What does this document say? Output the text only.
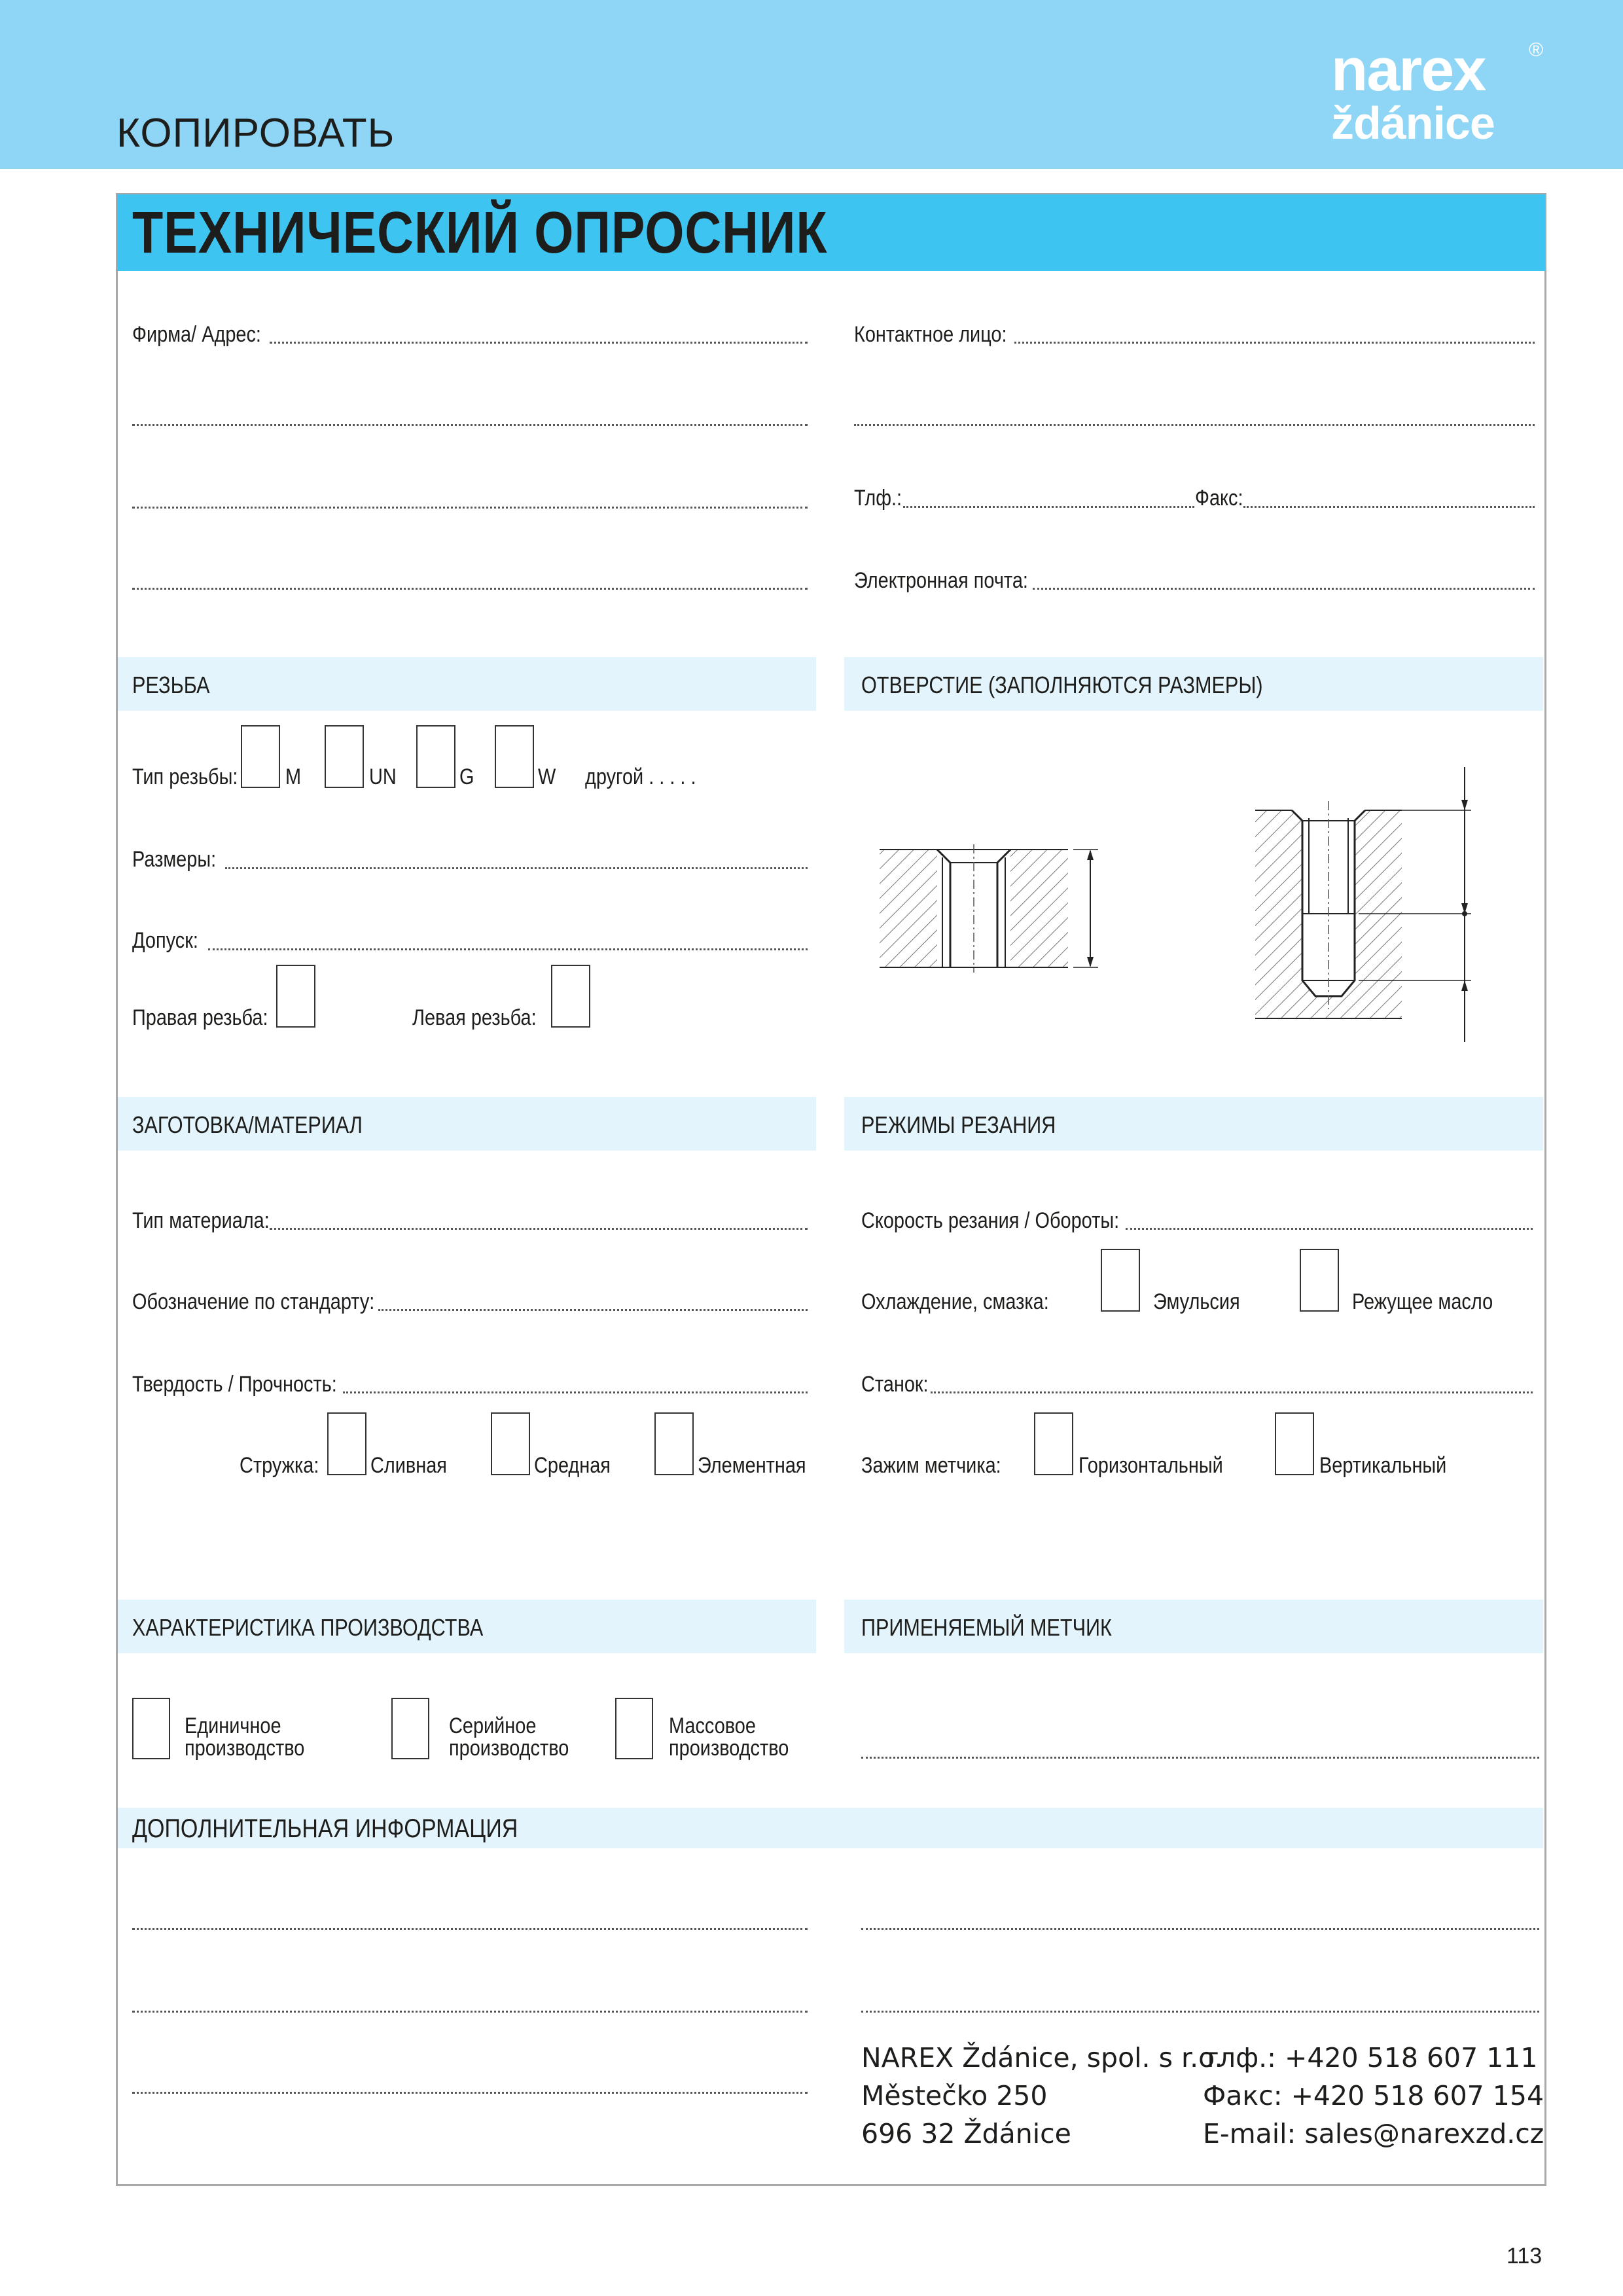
КОПИРОВАТЬ
narex
ždánice
®
ТЕХНИЧЕСКИЙ ОПРОСНИК
Фирма/ Адрес:	Контактное лицо:
Тлф.:	Факс:
Электронная почта:
РЕЗЬБА
Тип резьбы: M	UN	G	W другой . . . . .
Размеры:
Допуск:
Правая резьба:	Левая резьба:
ОТВЕРСТИЕ (ЗАПОЛНЯЮТСЯ РАЗМЕРЫ)
ЗАГОТОВКА/МАТЕРИАЛ
Тип материала:
Обозначение по стандарту:
Твердость / Прочность:
Стружка: Сливная	Средная	Элементная
РЕЖИМЫ РЕЗАНИЯ
Скорость резания / Обороты:
Охлаждение, смазка:	Эмульсия	Режущее масло
Станок:
Зажим метчика:	Горизонтальный	Вертикальный
ХАРАКТЕРИСТИКА ПРОИЗВОДСТВА
Единичное
производство
Серийное
производство
Массовое
производство
ПРИМЕНЯЕМЫЙ МЕТЧИК
ДОПОЛНИТЕЛЬНАЯ ИНФОРМАЦИЯ
NAREX Ždánice, spol. s r.o.
Městečko 250
696 32 Ždánice
тлф.: +420 518 607 111
Факс: +420 518 607 154
E-mail: sales@narexzd.cz
113
